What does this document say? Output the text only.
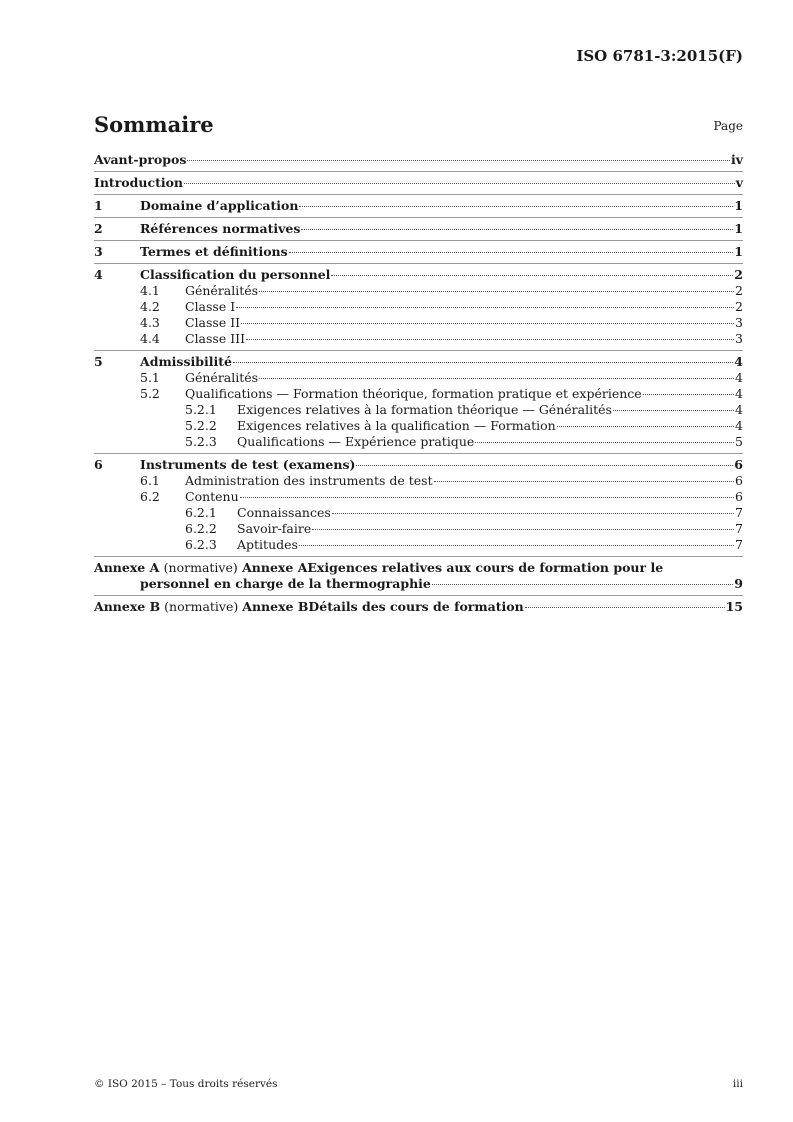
ISO 6781-3:2015(F)
Sommaire	Page
Avant-propos	iv
Introduction	v
1	Domaine d’application	1
2	Références normatives	1
3	Termes et définitions	1
4	Classification du personnel	2
4.1	Généralités	2
4.2	Classe I	2
4.3	Classe II	3
4.4	Classe III	3
5	Admissibilité	4
5.1	Généralités	4
5.2	Qualifications — Formation théorique, formation pratique et expérience	4
5.2.1	Exigences relatives à la formation théorique — Généralités	4
5.2.2	Exigences relatives à la qualification — Formation	4
5.2.3	Qualifications — Expérience pratique	5
6	Instruments de test (examens)	6
6.1	Administration des instruments de test	6
6.2	Contenu	6
6.2.1	Connaissances	7
6.2.2	Savoir-faire	7
6.2.3	Aptitudes	7
Annexe A (normative) Annexe AExigences relatives aux cours de formation pour le
personnel en charge de la thermographie	9
Annexe B (normative) Annexe BDétails des cours de formation	15
© ISO 2015 – Tous droits réservés	iii
